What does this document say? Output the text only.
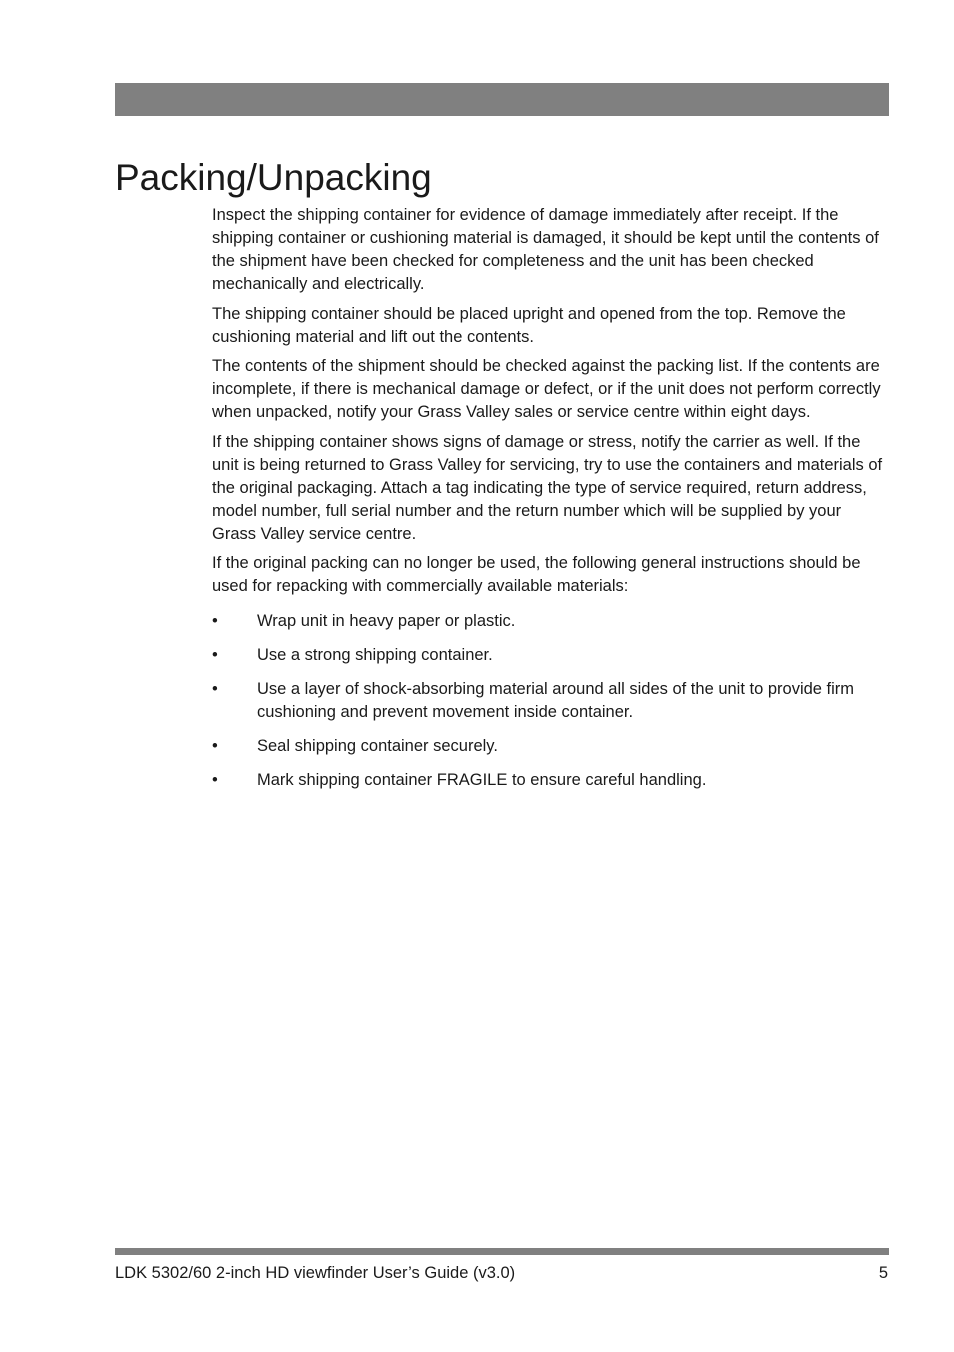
Packing/Unpacking

Inspect the shipping container for evidence of damage immediately after receipt. If the shipping container or cushioning material is damaged, it should be kept until the contents of the shipment have been checked for completeness and the unit has been checked mechanically and electrically.

The shipping container should be placed upright and opened from the top. Remove the cushioning material and lift out the contents.

The contents of the shipment should be checked against the packing list. If the contents are incomplete, if there is mechanical damage or defect, or if the unit does not perform correctly when unpacked, notify your Grass Valley sales or service centre within eight days.

If the shipping container shows signs of damage or stress, notify the carrier as well. If the unit is being returned to Grass Valley for servicing, try to use the containers and materials of the original packaging. Attach a tag indicating the type of service required, return address, model number, full serial number and the return number which will be supplied by your Grass Valley service centre.

If the original packing can no longer be used, the following general instructions should be used for repacking with commercially available materials:

• Wrap unit in heavy paper or plastic.
• Use a strong shipping container.
• Use a layer of shock-absorbing material around all sides of the unit to provide firm cushioning and prevent movement inside container.
• Seal shipping container securely.
• Mark shipping container FRAGILE to ensure careful handling.
LDK 5302/60 2-inch HD viewfinder User’s Guide (v3.0)	5
